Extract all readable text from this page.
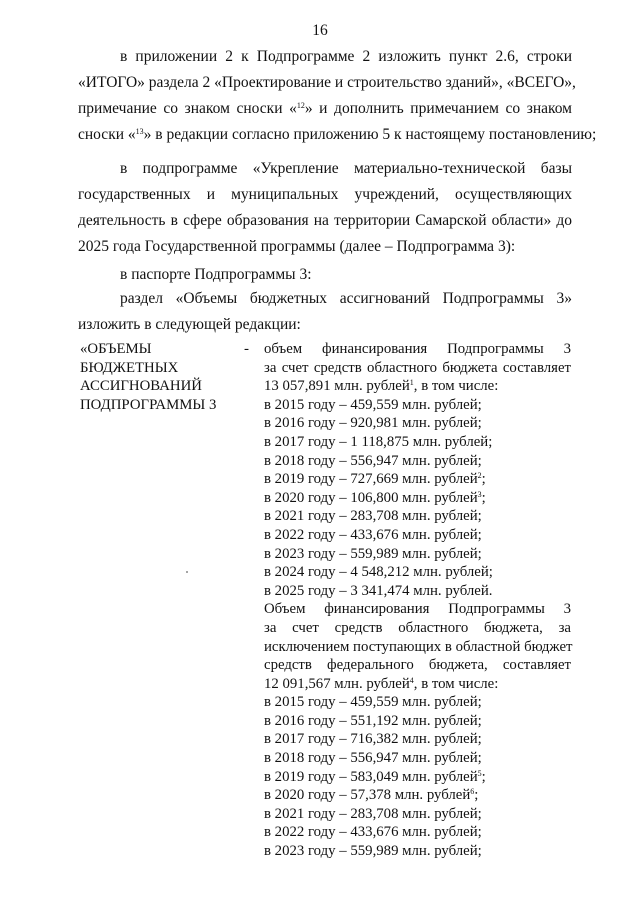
16
в приложении 2 к Подпрограмме 2 изложить пункт 2.6, строки
«ИТОГО» раздела 2 «Проектирование и строительство зданий», «ВСЕГО»,
примечание со знаком сноски «$^{12}$» и дополнить примечанием со знаком
сноски «$^{13}$» в редакции согласно приложению 5 к настоящему постановлению;
в подпрограмме «Укрепление материально-технической базы
государственных и муниципальных учреждений, осуществляющих
деятельность в сфере образования на территории Самарской области» до
2025 года Государственной программы (далее – Подпрограмма 3):
в паспорте Подпрограммы 3:
раздел «Объемы бюджетных ассигнований Подпрограммы 3»
изложить в следующей редакции:
«ОБЪЕМЫ
БЮДЖЕТНЫХ
АССИГНОВАНИЙ
ПОДПРОГРАММЫ 3
- объем финансирования Подпрограммы 3
за счет средств областного бюджета составляет
13 057,891 млн. рублей$^1$, в том числе:
в 2015 году – 459,559 млн. рублей;
в 2016 году – 920,981 млн. рублей;
в 2017 году – 1 118,875 млн. рублей;
в 2018 году – 556,947 млн. рублей;
в 2019 году – 727,669 млн. рублей$^2$;
в 2020 году – 106,800 млн. рублей$^3$;
в 2021 году – 283,708 млн. рублей;
в 2022 году – 433,676 млн. рублей;
в 2023 году – 559,989 млн. рублей;
в 2024 году – 4 548,212 млн. рублей;
в 2025 году – 3 341,474 млн. рублей.
Объем финансирования Подпрограммы 3
за счет средств областного бюджета, за
исключением поступающих в областной бюджет
средств федерального бюджета, составляет
12 091,567 млн. рублей$^4$, в том числе:
в 2015 году – 459,559 млн. рублей;
в 2016 году – 551,192 млн. рублей;
в 2017 году – 716,382 млн. рублей;
в 2018 году – 556,947 млн. рублей;
в 2019 году – 583,049 млн. рублей$^5$;
в 2020 году – 57,378 млн. рублей$^6$;
в 2021 году – 283,708 млн. рублей;
в 2022 году – 433,676 млн. рублей;
в 2023 году – 559,989 млн. рублей;
